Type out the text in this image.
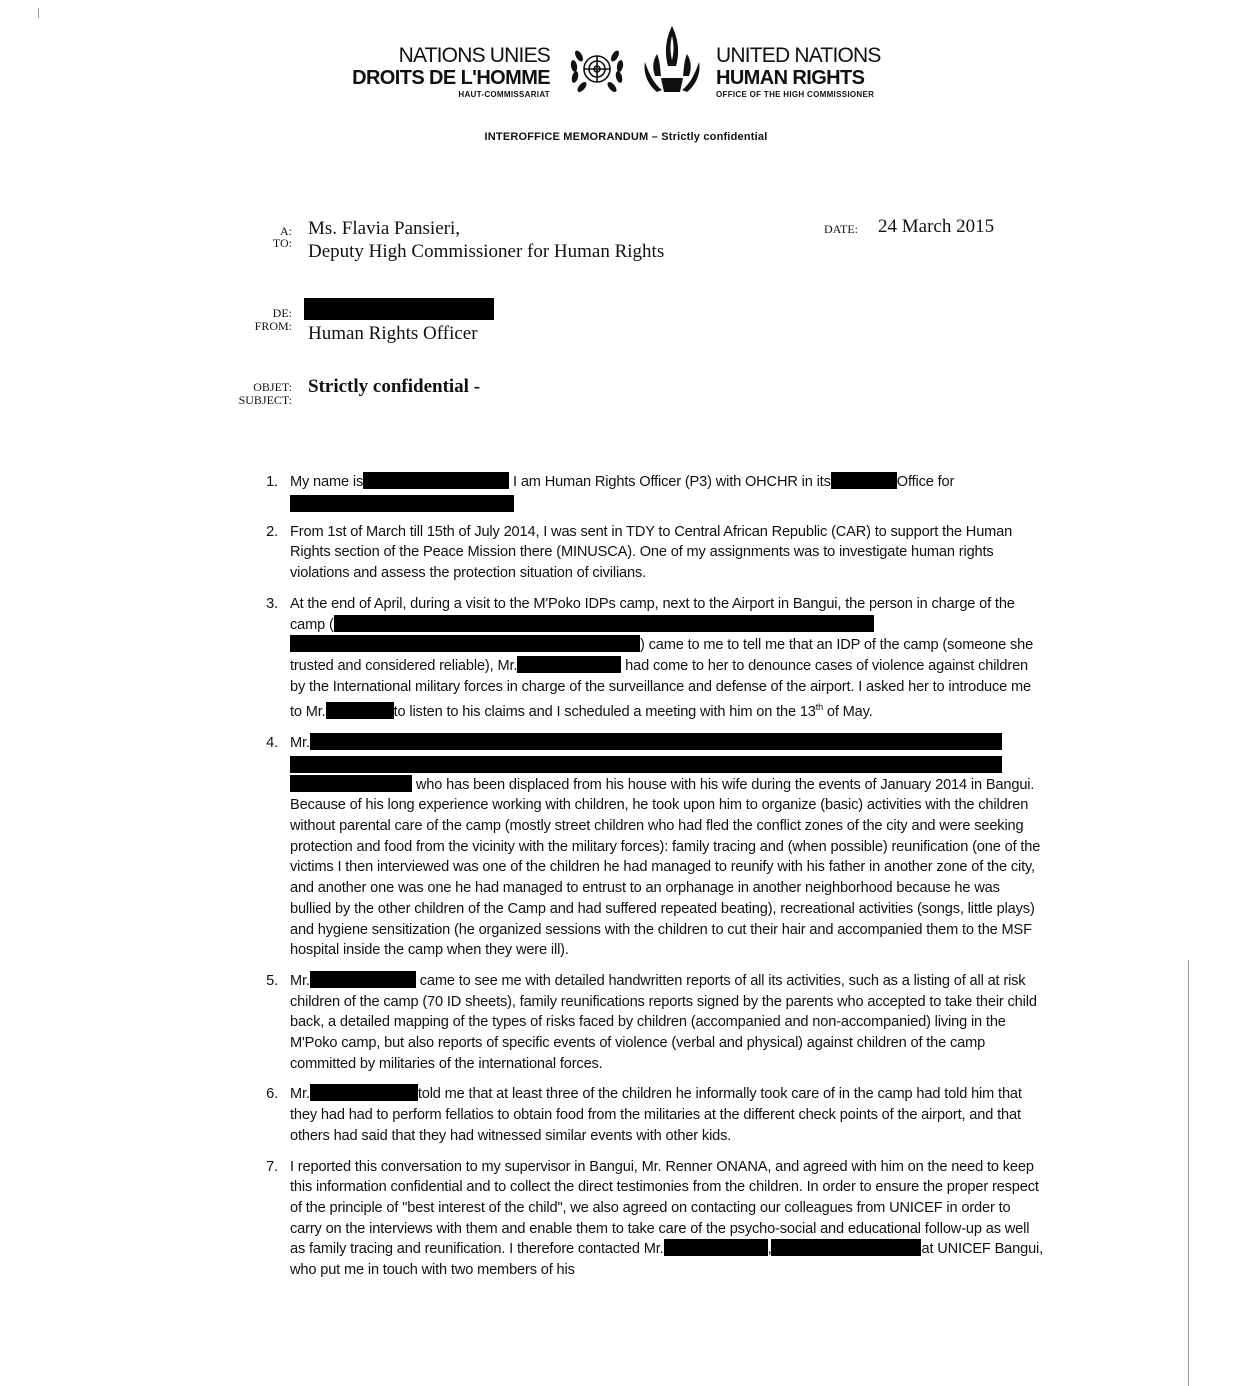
NATIONS UNIES
DROITS DE L'HOMME
HAUT-COMMISSARIAT
UNITED NATIONS
HUMAN RIGHTS
OFFICE OF THE HIGH COMMISSIONER
INTEROFFICE MEMORANDUM – Strictly confidential
A:
TO:
Ms. Flavia Pansieri,
Deputy High Commissioner for Human Rights
DATE: 24 March 2015
DE:
FROM: Human Rights Officer
OBJET:
SUBJECT:
Strictly confidential -
1. My name is	I am Human Rights Officer (P3) with OHCHR in its	Office for
2. From 1st of March till 15th of July 2014, I was sent in TDY to Central African Republic (CAR) to support the Human Rights section of the Peace Mission there (MINUSCA). One of my assignments was to investigate human rights violations and assess the protection situation of civilians.
3. At the end of April, during a visit to the M'Poko IDPs camp, next to the Airport in Bangui, the person in charge of the camp ( ) came to me to tell me that an IDP of the camp (someone she trusted and considered reliable), Mr.	had come to her to denounce cases of violence against children by the International military forces in charge of the surveillance and defense of the airport. I asked her to introduce me to Mr.	to listen to his claims and I scheduled a meeting with him on the 13th of May.
4. Mr.
who has been displaced from his house with his wife during the events of January 2014 in Bangui. Because of his long experience working with children, he took upon him to organize (basic) activities with the children without parental care of the camp (mostly street children who had fled the conflict zones of the city and were seeking protection and food from the vicinity with the military forces): family tracing and (when possible) reunification (one of the victims I then interviewed was one of the children he had managed to reunify with his father in another zone of the city, and another one was one he had managed to entrust to an orphanage in another neighborhood because he was bullied by the other children of the Camp and had suffered repeated beating), recreational activities (songs, little plays) and hygiene sensitization (he organized sessions with the children to cut their hair and accompanied them to the MSF hospital inside the camp when they were ill).
5. Mr.	came to see me with detailed handwritten reports of all its activities, such as a listing of all at risk children of the camp (70 ID sheets), family reunifications reports signed by the parents who accepted to take their child back, a detailed mapping of the types of risks faced by children (accompanied and non-accompanied) living in the M'Poko camp, but also reports of specific events of violence (verbal and physical) against children of the camp committed by militaries of the international forces.
6. Mr.	told me that at least three of the children he informally took care of in the camp had told him that they had had to perform fellatios to obtain food from the militaries at the different check points of the airport, and that others had said that they had witnessed similar events with other kids.
7. I reported this conversation to my supervisor in Bangui, Mr. Renner ONANA, and agreed with him on the need to keep this information confidential and to collect the direct testimonies from the children. In order to ensure the proper respect of the principle of "best interest of the child", we also agreed on contacting our colleagues from UNICEF in order to carry on the interviews with them and enable them to take care of the psycho-social and educational follow-up as well as family tracing and reunification. I therefore contacted Mr.	,	at UNICEF Bangui, who put me in touch with two members of his
